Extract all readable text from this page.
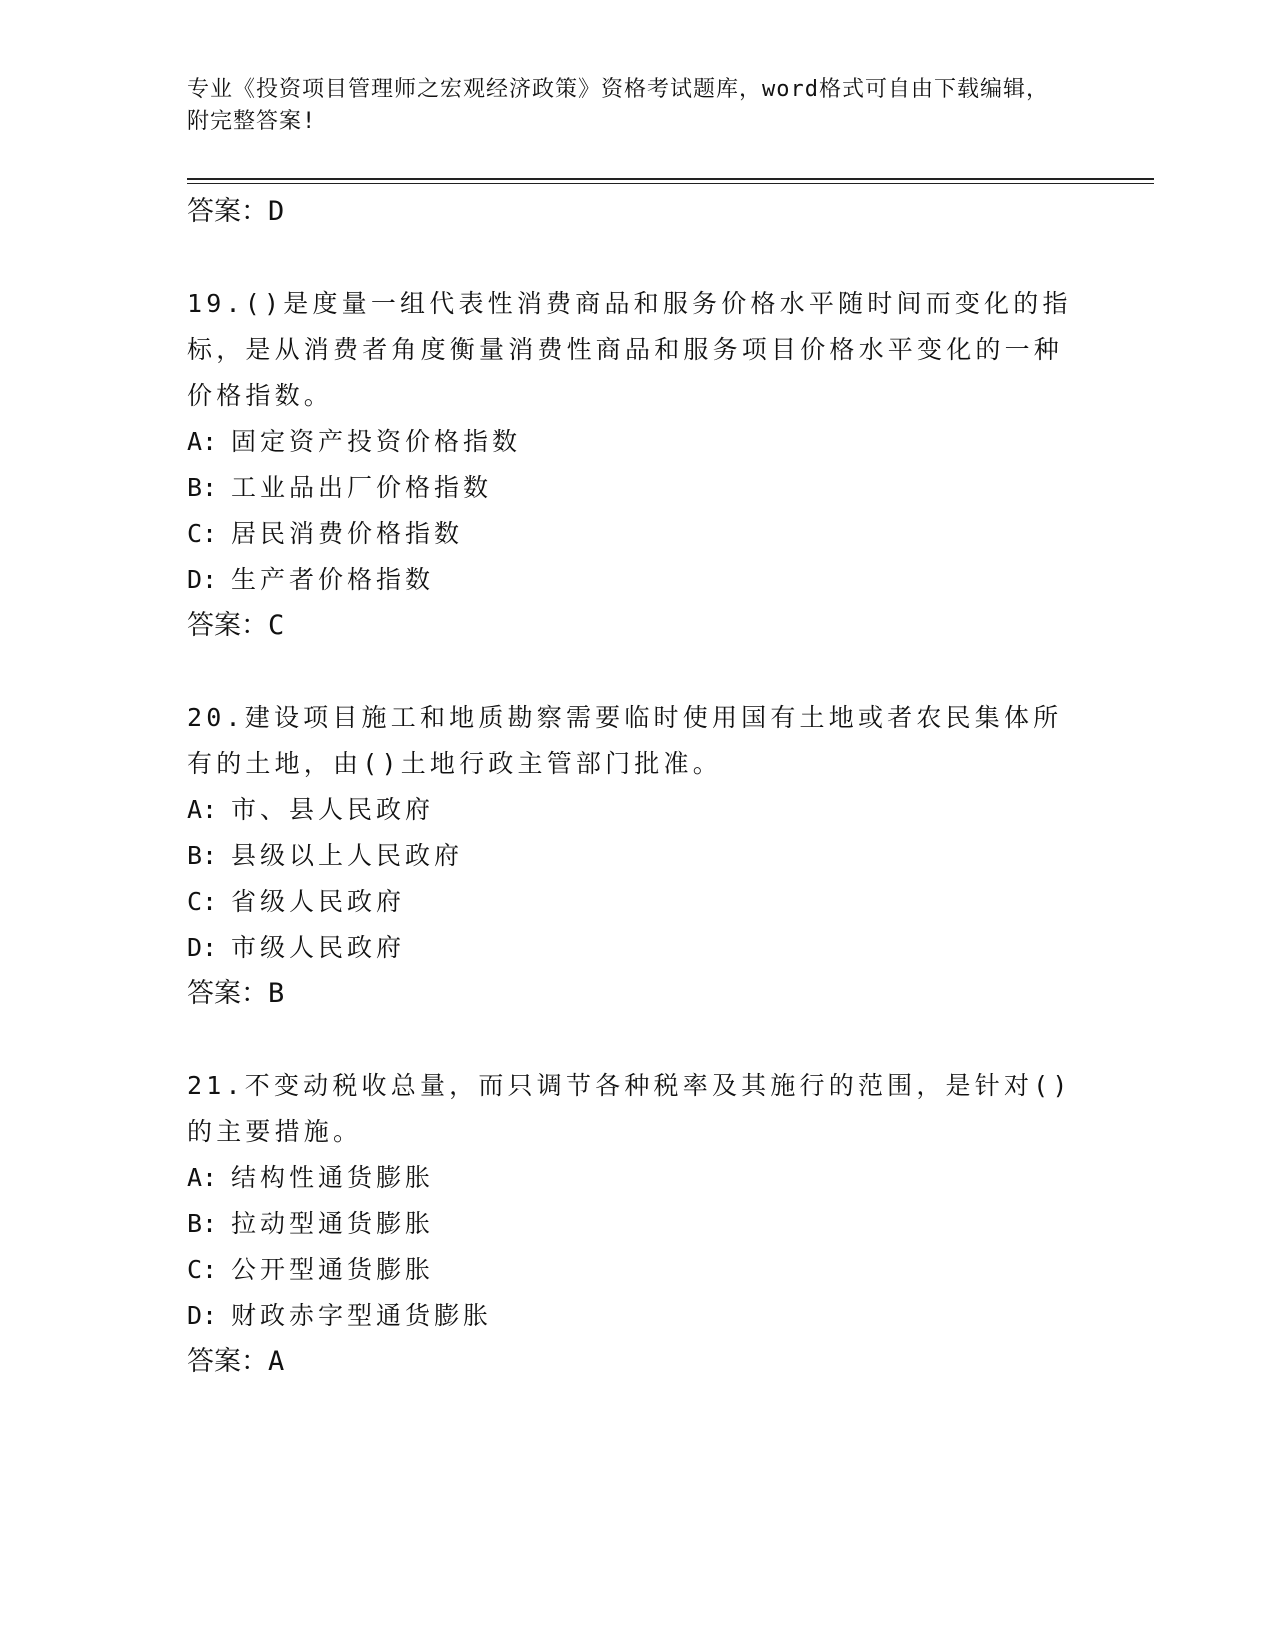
专业《投资项目管理师之宏观经济政策》资格考试题库，word格式可自由下载编辑，附完整答案!
答案：D
19.()是度量一组代表性消费商品和服务价格水平随时间而变化的指标，是从消费者角度衡量消费性商品和服务项目价格水平变化的一种价格指数。
A: 固定资产投资价格指数
B: 工业品出厂价格指数
C: 居民消费价格指数
D: 生产者价格指数
答案：C
20.建设项目施工和地质勘察需要临时使用国有土地或者农民集体所有的土地，由()土地行政主管部门批准。
A: 市、县人民政府
B: 县级以上人民政府
C: 省级人民政府
D: 市级人民政府
答案：B
21.不变动税收总量，而只调节各种税率及其施行的范围，是针对()的主要措施。
A: 结构性通货膨胀
B: 拉动型通货膨胀
C: 公开型通货膨胀
D: 财政赤字型通货膨胀
答案：A
